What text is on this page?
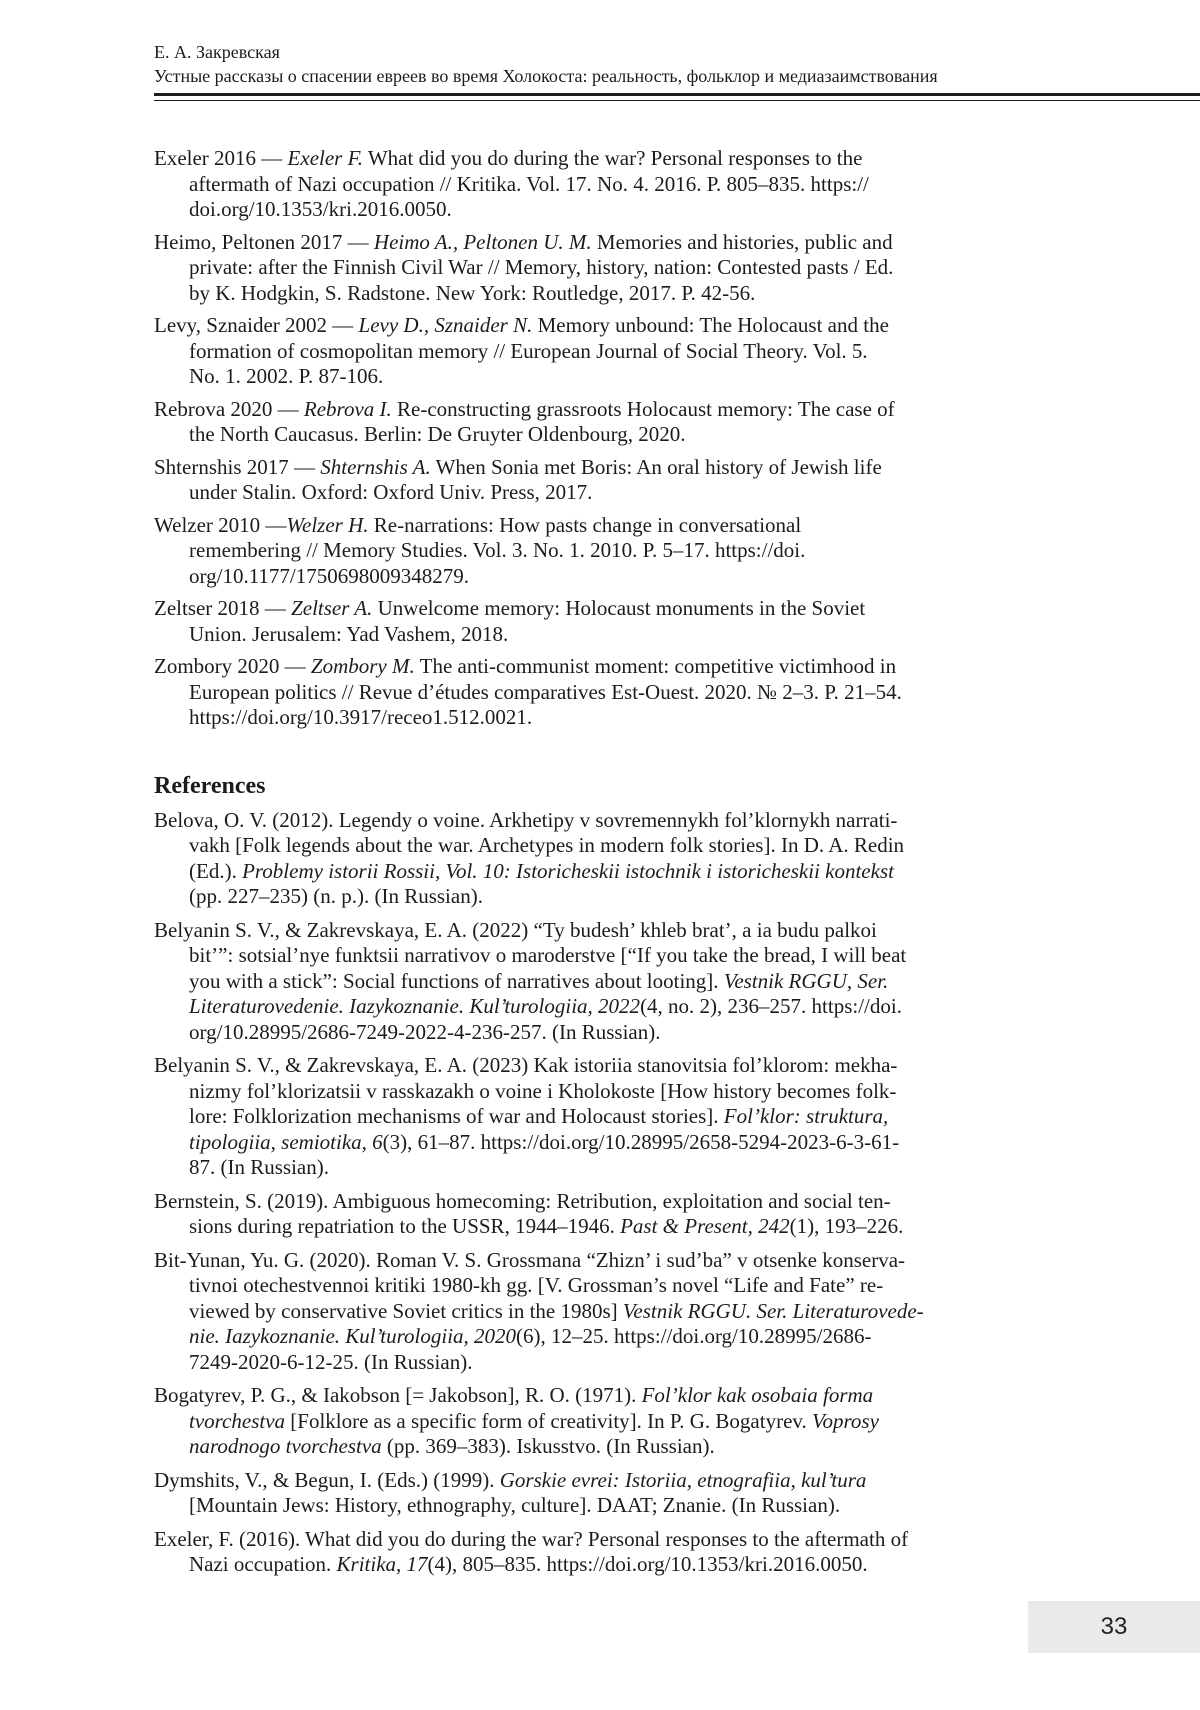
Е. А. Закревская
Устные рассказы о спасении евреев во время Холокоста: реальность, фольклор и медиазаимствования

Exeler 2016 — Exeler F. What did you do during the war? Personal responses to the
aftermath of Nazi occupation // Kritika. Vol. 17. No. 4. 2016. P. 805–835. https://
doi.org/10.1353/kri.2016.0050.

Heimo, Peltonen 2017 — Heimo A., Peltonen U. M. Memories and histories, public and
private: after the Finnish Civil War // Memory, history, nation: Contested pasts / Ed.
by K. Hodgkin, S. Radstone. New York: Routledge, 2017. P. 42-56.

Levy, Sznaider 2002 — Levy D., Sznaider N. Memory unbound: The Holocaust and the
formation of cosmopolitan memory // European Journal of Social Theory. Vol. 5.
No. 1. 2002. P. 87-106.

Rebrova 2020 — Rebrova I. Re-constructing grassroots Holocaust memory: The case of
the North Caucasus. Berlin: De Gruyter Oldenbourg, 2020.

Shternshis 2017 — Shternshis A. When Sonia met Boris: An oral history of Jewish life
under Stalin. Oxford: Oxford Univ. Press, 2017.

Welzer 2010 —Welzer H. Re-narrations: How pasts change in conversational
remembering // Memory Studies. Vol. 3. No. 1. 2010. P. 5–17. https://doi.
org/10.1177/1750698009348279.

Zeltser 2018 — Zeltser A. Unwelcome memory: Holocaust monuments in the Soviet
Union. Jerusalem: Yad Vashem, 2018.

Zombory 2020 — Zombory M. The anti-communist moment: competitive victimhood in
European politics // Revue d’études comparatives Est-Ouest. 2020. № 2–3. P. 21–54.
https://doi.org/10.3917/receo1.512.0021.

References

Belova, O. V. (2012). Legendy o voine. Arkhetipy v sovremennykh fol’klornykh narrati-
vakh [Folk legends about the war. Archetypes in modern folk stories]. In D. A. Redin
(Ed.). Problemy istorii Rossii, Vol. 10: Istoricheskii istochnik i istoricheskii kontekst
(pp. 227–235) (n. p.). (In Russian).

Belyanin S. V., & Zakrevskaya, E. A. (2022) “Ty budesh’ khleb brat’, a ia budu palkoi
bit’”: sotsial’nye funktsii narrativov o maroderstve [“If you take the bread, I will beat
you with a stick”: Social functions of narratives about looting]. Vestnik RGGU, Ser.
Literaturovedenie. Iazykoznanie. Kul’turologiia, 2022(4, no. 2), 236–257. https://doi.
org/10.28995/2686-7249-2022-4-236-257. (In Russian).

Belyanin S. V., & Zakrevskaya, E. A. (2023) Kak istoriia stanovitsia fol’klorom: mekha-
nizmy fol’klorizatsii v rasskazakh o voine i Kholokoste [How history becomes folk-
lore: Folklorization mechanisms of war and Holocaust stories]. Fol’klor: struktura,
tipologiia, semiotika, 6(3), 61–87. https://doi.org/10.28995/2658-5294-2023-6-3-61-
87. (In Russian).

Bernstein, S. (2019). Ambiguous homecoming: Retribution, exploitation and social ten-
sions during repatriation to the USSR, 1944–1946. Past & Present, 242(1), 193–226.

Bit-Yunan, Yu. G. (2020). Roman V. S. Grossmana “Zhizn’ i sud’ba” v otsenke konserva-
tivnoi otechestvennoi kritiki 1980-kh gg. [V. Grossman’s novel “Life and Fate” re-
viewed by conservative Soviet critics in the 1980s] Vestnik RGGU. Ser. Literaturovede-
nie. Iazykoznanie. Kul’turologiia, 2020(6), 12–25. https://doi.org/10.28995/2686-
7249-2020-6-12-25. (In Russian).

Bogatyrev, P. G., & Iakobson [= Jakobson], R. O. (1971). Fol’klor kak osobaia forma
tvorchestva [Folklore as a specific form of creativity]. In P. G. Bogatyrev. Voprosy
narodnogo tvorchestva (pp. 369–383). Iskusstvo. (In Russian).

Dymshits, V., & Begun, I. (Eds.) (1999). Gorskie evrei: Istoriia, etnografiia, kul’tura
[Mountain Jews: History, ethnography, culture]. DAAT; Znanie. (In Russian).

Exeler, F. (2016). What did you do during the war? Personal responses to the aftermath of
Nazi occupation. Kritika, 17(4), 805–835. https://doi.org/10.1353/kri.2016.0050.

33
